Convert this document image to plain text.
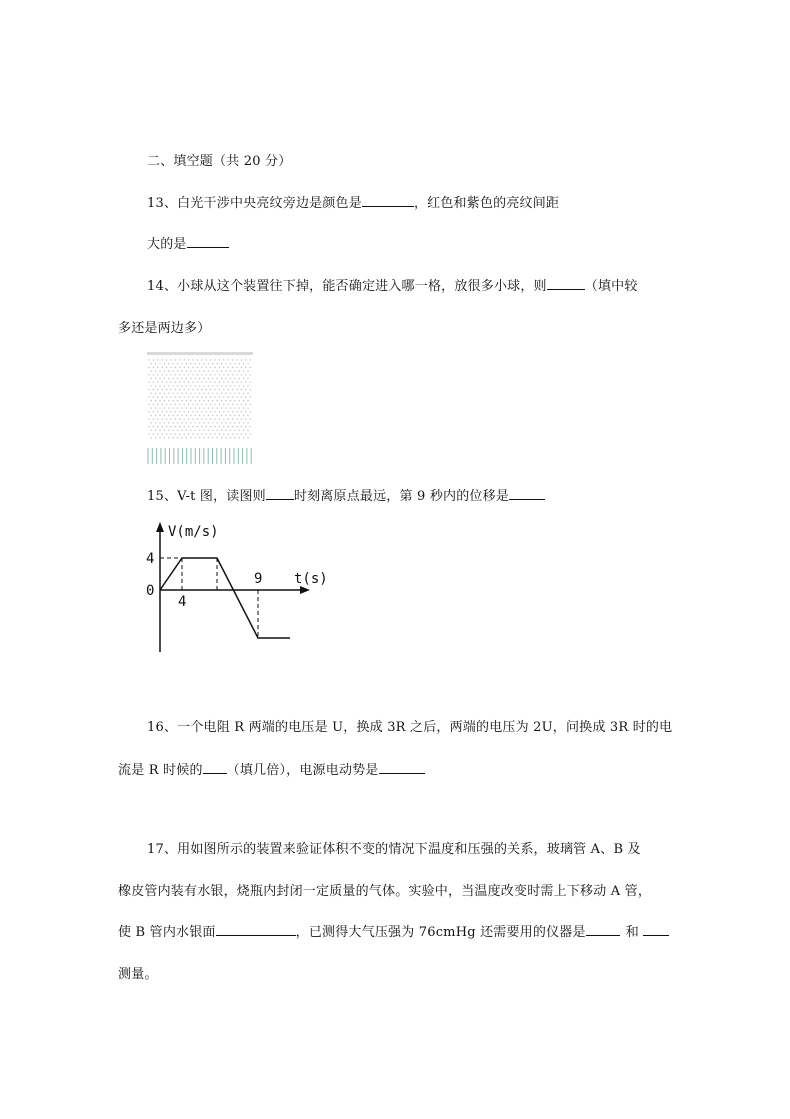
二、填空题（共 20 分）
13、白光干涉中央亮纹旁边是颜色是	，红色和紫色的亮纹间距
大的是
14、小球从这个装置往下掉，能否确定进入哪一格，放很多小球，则	（填中较
多还是两边多）
15、V-t 图，读图则 时刻离原点最远，第 9 秒内的位移是
V(m/s)
t(s)
4
0
4
9
16、一个电阻 R 两端的电压是 U，换成 3R 之后，两端的电压为 2U，问换成 3R 时的电
流是 R 时候的 （填几倍），电源电动势是
17、用如图所示的装置来验证体积不变的情况下温度和压强的关系，玻璃管 A、B 及
橡皮管内装有水银，烧瓶内封闭一定质量的气体。实验中，当温度改变时需上下移动 A 管，
使 B 管内水银面	，已测得大气压强为 76cmHg 还需要用的仪器是	和
测量。
